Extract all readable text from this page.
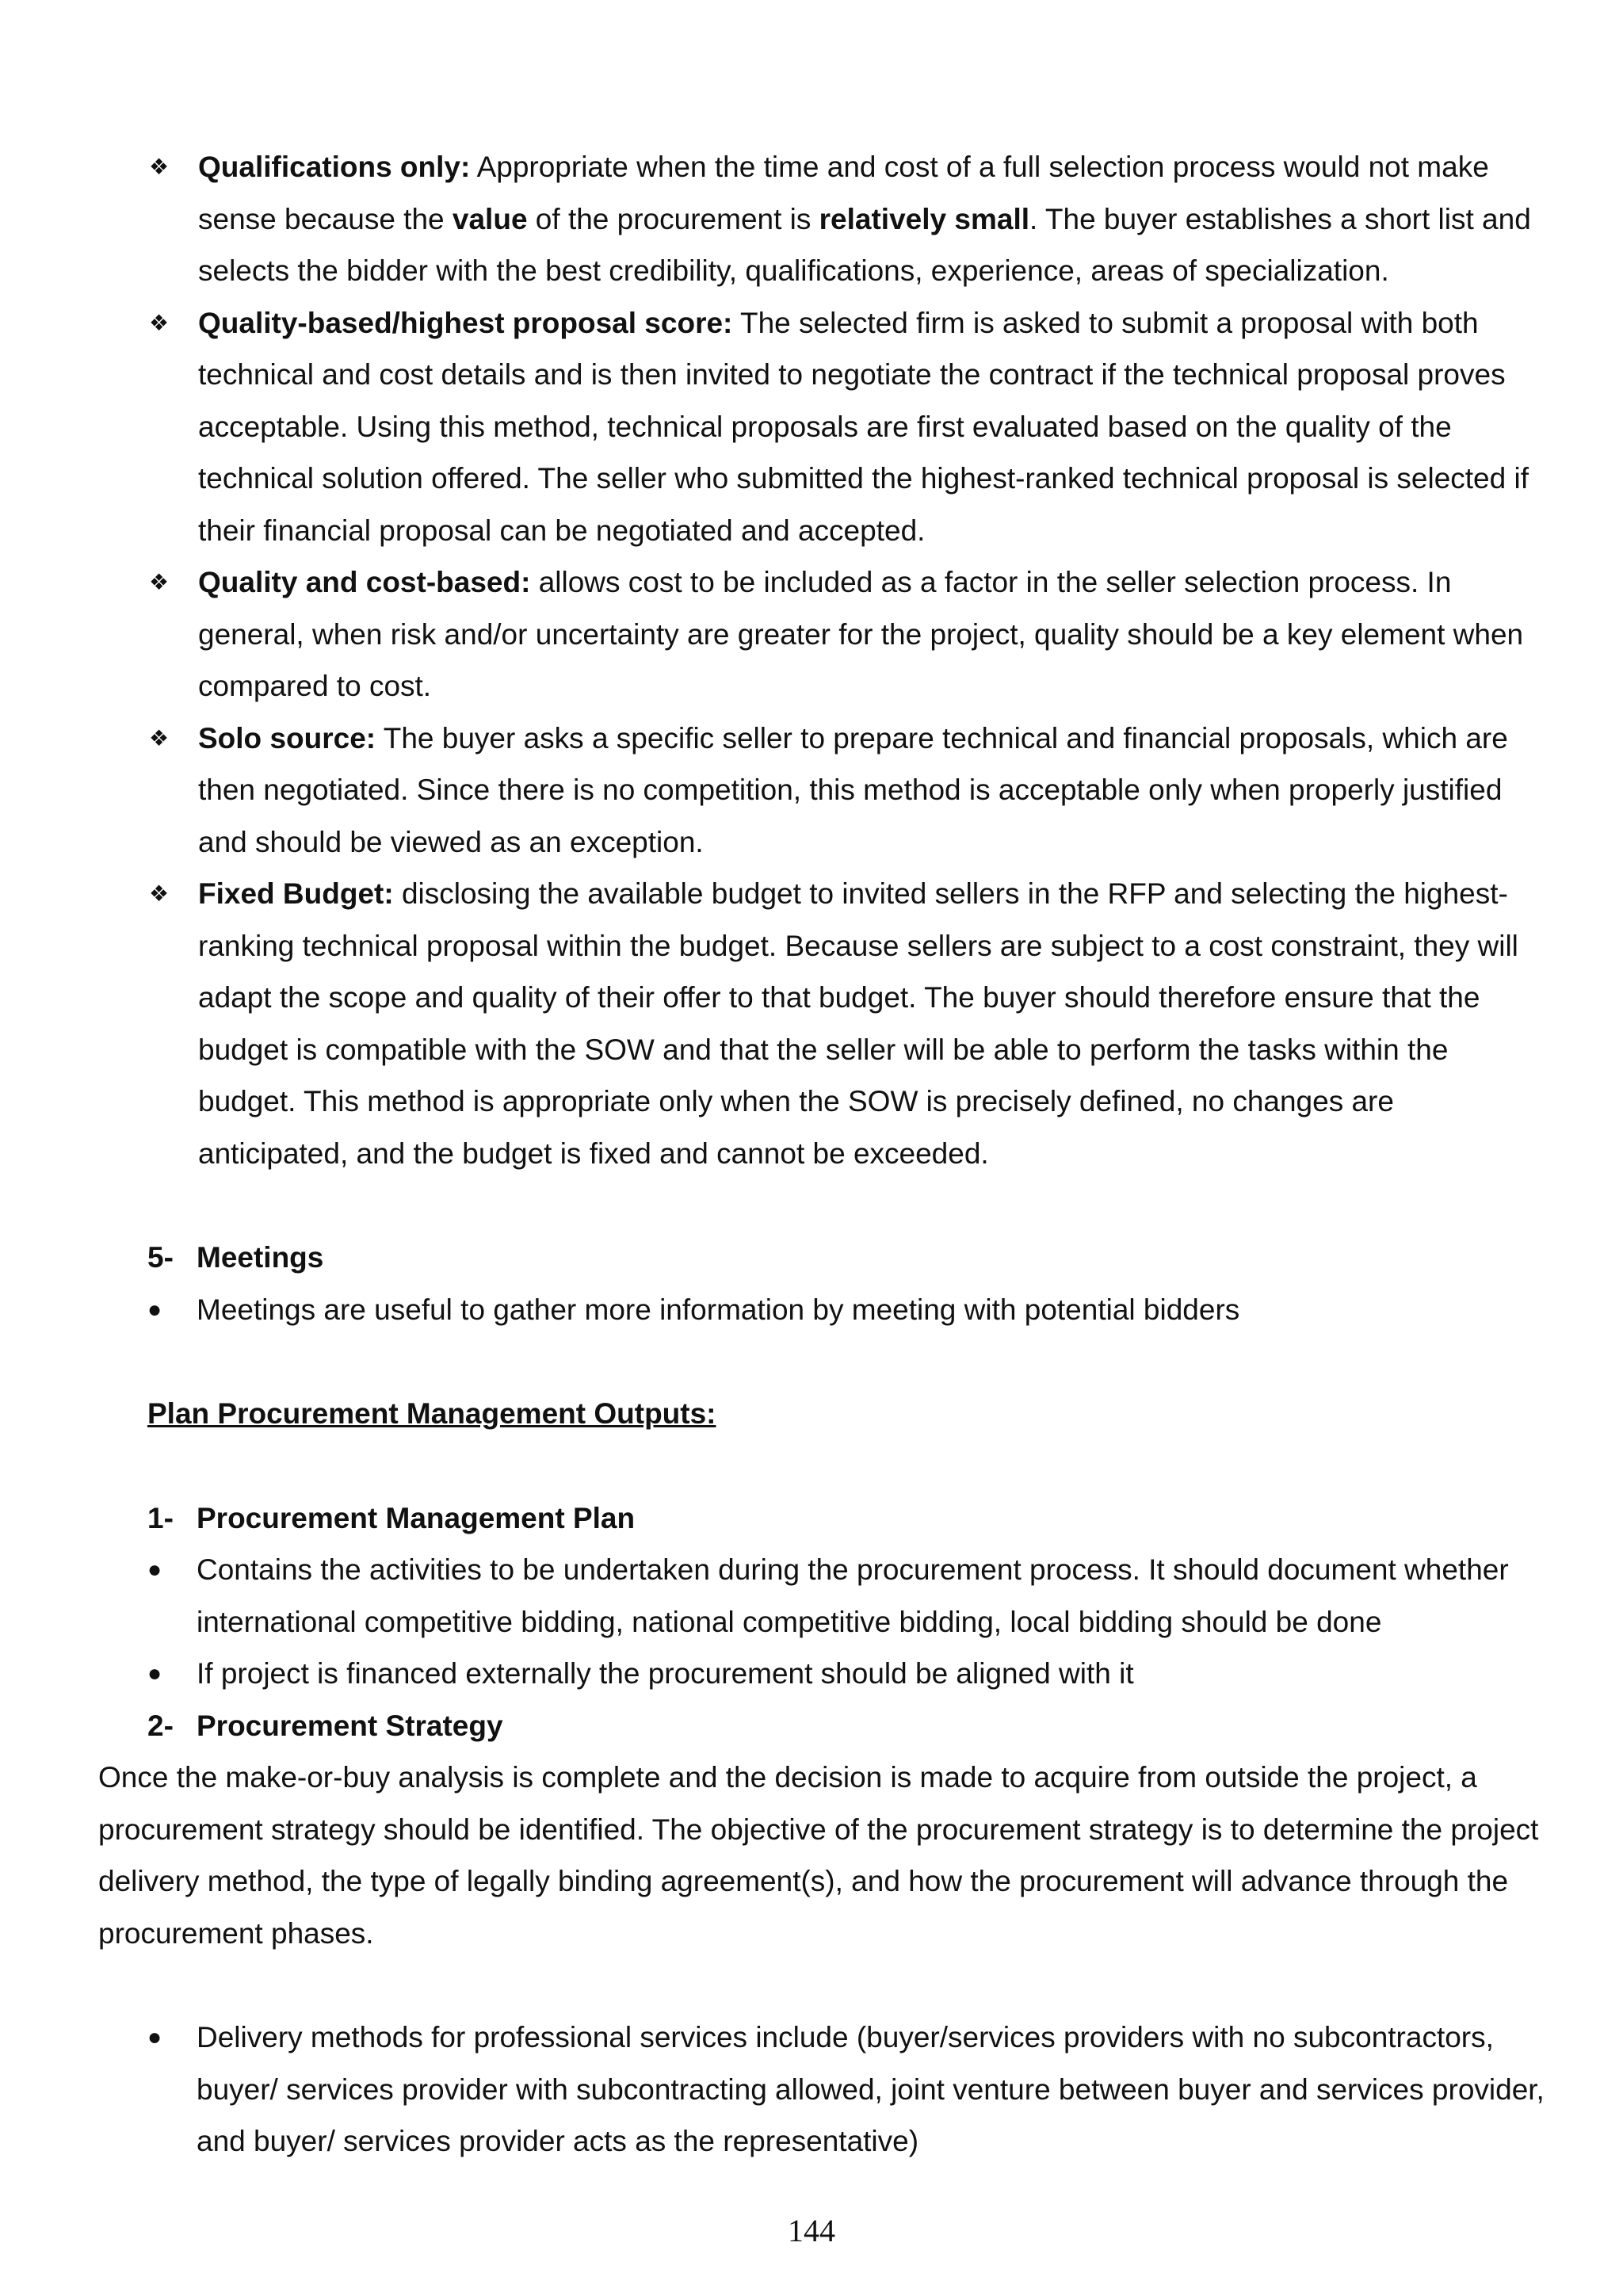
❖ Qualifications only: Appropriate when the time and cost of a full selection process would not make sense because the value of the procurement is relatively small. The buyer establishes a short list and selects the bidder with the best credibility, qualifications, experience, areas of specialization.
❖ Quality-based/highest proposal score: The selected firm is asked to submit a proposal with both technical and cost details and is then invited to negotiate the contract if the technical proposal proves acceptable. Using this method, technical proposals are first evaluated based on the quality of the technical solution offered. The seller who submitted the highest-ranked technical proposal is selected if their financial proposal can be negotiated and accepted.
❖ Quality and cost-based: allows cost to be included as a factor in the seller selection process. In general, when risk and/or uncertainty are greater for the project, quality should be a key element when compared to cost.
❖ Solo source: The buyer asks a specific seller to prepare technical and financial proposals, which are then negotiated. Since there is no competition, this method is acceptable only when properly justified and should be viewed as an exception.
❖ Fixed Budget: disclosing the available budget to invited sellers in the RFP and selecting the highest-ranking technical proposal within the budget. Because sellers are subject to a cost constraint, they will adapt the scope and quality of their offer to that budget. The buyer should therefore ensure that the budget is compatible with the SOW and that the seller will be able to perform the tasks within the budget. This method is appropriate only when the SOW is precisely defined, no changes are anticipated, and the budget is fixed and cannot be exceeded.

5- Meetings

●	Meetings are useful to gather more information by meeting with potential bidders

Plan Procurement Management Outputs:

1- Procurement Management Plan

●	Contains the activities to be undertaken during the procurement process. It should document whether international competitive bidding, national competitive bidding, local bidding should be done
●	If project is financed externally the procurement should be aligned with it

2- Procurement Strategy

Once the make-or-buy analysis is complete and the decision is made to acquire from outside the project, a procurement strategy should be identified. The objective of the procurement strategy is to determine the project delivery method, the type of legally binding agreement(s), and how the procurement will advance through the procurement phases.

●	Delivery methods for professional services include (buyer/services providers with no subcontractors, buyer/ services provider with subcontracting allowed, joint venture between buyer and services provider, and buyer/ services provider acts as the representative)
144
